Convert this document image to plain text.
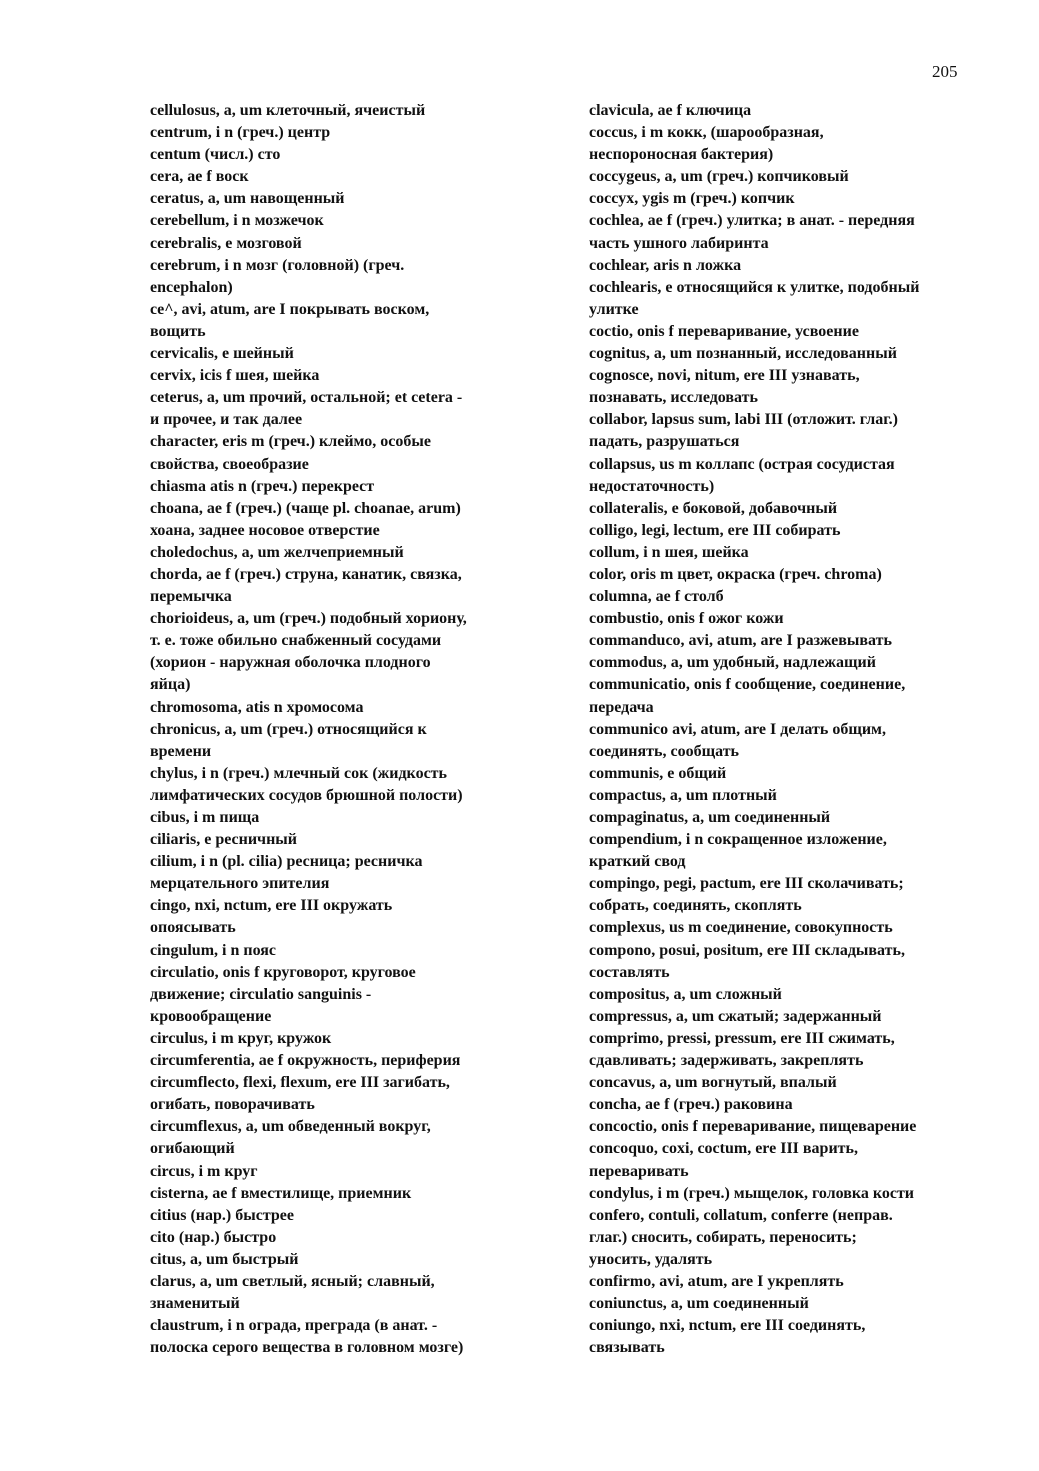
205
cellulosus, a, um клеточный, ячеистый
centrum, i n (греч.) центр
centum (числ.) сто
cera, ae f воск
ceratus, a, um навощенный
cerebellum, i n мозжечок
cerebralis, e мозговой
cerebrum, i n мозг (головной) (греч.
encephalon)
ce^, avi, atum, are I покрывать воском,
вощить
cervicalis, e шейный
cervix, icis f шея, шейка
ceterus, a, um прочий, остальной; et cetera -
и прочее, и так далее
character, eris m (греч.) клеймо, особые
свойства, своеобразие
chiasma atis n (греч.) перекрест
choana, ae f (греч.) (чаще pl. choanae, arum)
хоана, заднее носовое отверстие
choledochus, a, um желчеприемный
chorda, ae f (греч.) струна, канатик, связка,
перемычка
chorioideus, a, um (греч.) подобный хориону,
т. е. тоже обильно снабженный сосудами
(хорион - наружная оболочка плодного
яйца)
chromosoma, atis n хромосома
chronicus, a, um (греч.) относящийся к
времени
chylus, i n (греч.) млечный сок (жидкость
лимфатических сосудов брюшной полости)
cibus, i m пища
ciliaris, e ресничный
cilium, i n (pl. cilia) ресница; ресничка
мерцательного эпителия
cingo, nxi, nctum, ere III окружать
опоясывать
cingulum, i n пояс
circulatio, onis f круговорот, круговое
движение; circulatio sanguinis -
кровообращение
circulus, i m круг, кружок
circumferentia, ae f окружность, периферия
circumflecto, flexi, flexum, ere III загибать,
огибать, поворачивать
circumflexus, a, um обведенный вокруг,
огибающий
circus, i m круг
cisterna, ae f вместилище, приемник
citius (нар.) быстрее
cito (нар.) быстро
citus, a, um быстрый
clarus, a, um светлый, ясный; славный,
знаменитый
claustrum, i n ограда, преграда (в анат. -
полоска серого вещества в головном мозге)
clavicula, ae f ключица
coccus, i m кокк, (шарообразная,
неспороносная бактерия)
coccygeus, a, um (греч.) копчиковый
coccyx, ygis m (греч.) копчик
cochlea, ae f (греч.) улитка; в анат. - передняя
часть ушного лабиринта
cochlear, aris n ложка
cochlearis, e относящийся к улитке, подобный
улитке
coctio, onis f переваривание, усвоение
cognitus, a, um познанный, исследованный
cognosce, novi, nitum, ere III узнавать,
познавать, исследовать
collabor, lapsus sum, labi III (отложит. глаг.)
падать, разрушаться
collapsus, us m коллапс (острая сосудистая
недостаточность)
collateralis, e боковой, добавочный
colligo, legi, lectum, ere III собирать
collum, i n шея, шейка
color, oris m цвет, окраска (греч. chroma)
columna, ae f столб
combustio, onis f ожог кожи
commanduco, avi, atum, are I разжевывать
commodus, a, um удобный, надлежащий
communicatio, onis f сообщение, соединение,
передача
communico avi, atum, are I делать общим,
соединять, сообщать
communis, e общий
compactus, a, um плотный
compaginatus, a, um соединенный
compendium, i n сокращенное изложение,
краткий свод
compingo, pegi, pactum, ere III сколачивать;
собрать, соединять, скоплять
complexus, us m соединение, совокупность
compono, posui, positum, ere III складывать,
составлять
compositus, a, um сложный
compressus, a, um сжатый; задержанный
comprimo, pressi, pressum, ere III сжимать,
сдавливать; задерживать, закреплять
concavus, a, um вогнутый, впалый
concha, ae f (греч.) раковина
concoctio, onis f переваривание, пищеварение
concoquo, coxi, coctum, ere III варить,
переваривать
condylus, i m (греч.) мыщелок, головка кости
confero, contuli, collatum, conferre (неправ.
глаг.) сносить, собирать, переносить;
уносить, удалять
confirmo, avi, atum, are I укреплять
coniunctus, a, um соединенный
coniungo, nxi, nctum, ere III соединять,
связывать
